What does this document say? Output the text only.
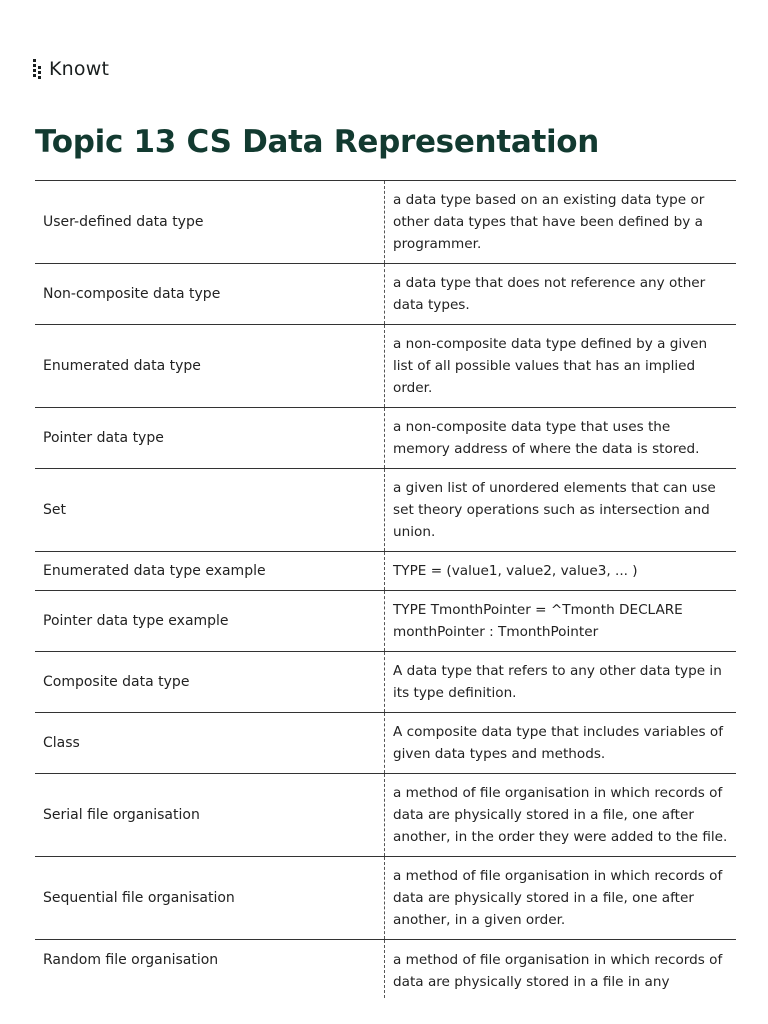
Knowt
Topic 13 CS Data Representation
User-defined data type
a data type based on an existing data type or other data types that have been defined by a programmer.
Non-composite data type
a data type that does not reference any other data types.
Enumerated data type
a non-composite data type defined by a given list of all possible values that has an implied order.
Pointer data type
a non-composite data type that uses the memory address of where the data is stored.
Set
a given list of unordered elements that can use set theory operations such as intersection and union.
Enumerated data type example	TYPE = (value1, value2, value3, ... )
Pointer data type example
TYPE TmonthPointer = ^Tmonth DECLARE monthPointer : TmonthPointer
Composite data type
A data type that refers to any other data type in its type definition.
Class
A composite data type that includes variables of given data types and methods.
Serial file organisation
a method of file organisation in which records of data are physically stored in a file, one after another, in the order they were added to the file.
Sequential file organisation
a method of file organisation in which records of data are physically stored in a file, one after another, in a given order.
Random file organisation	a method of file organisation in which records of data are physically stored in a file in any
